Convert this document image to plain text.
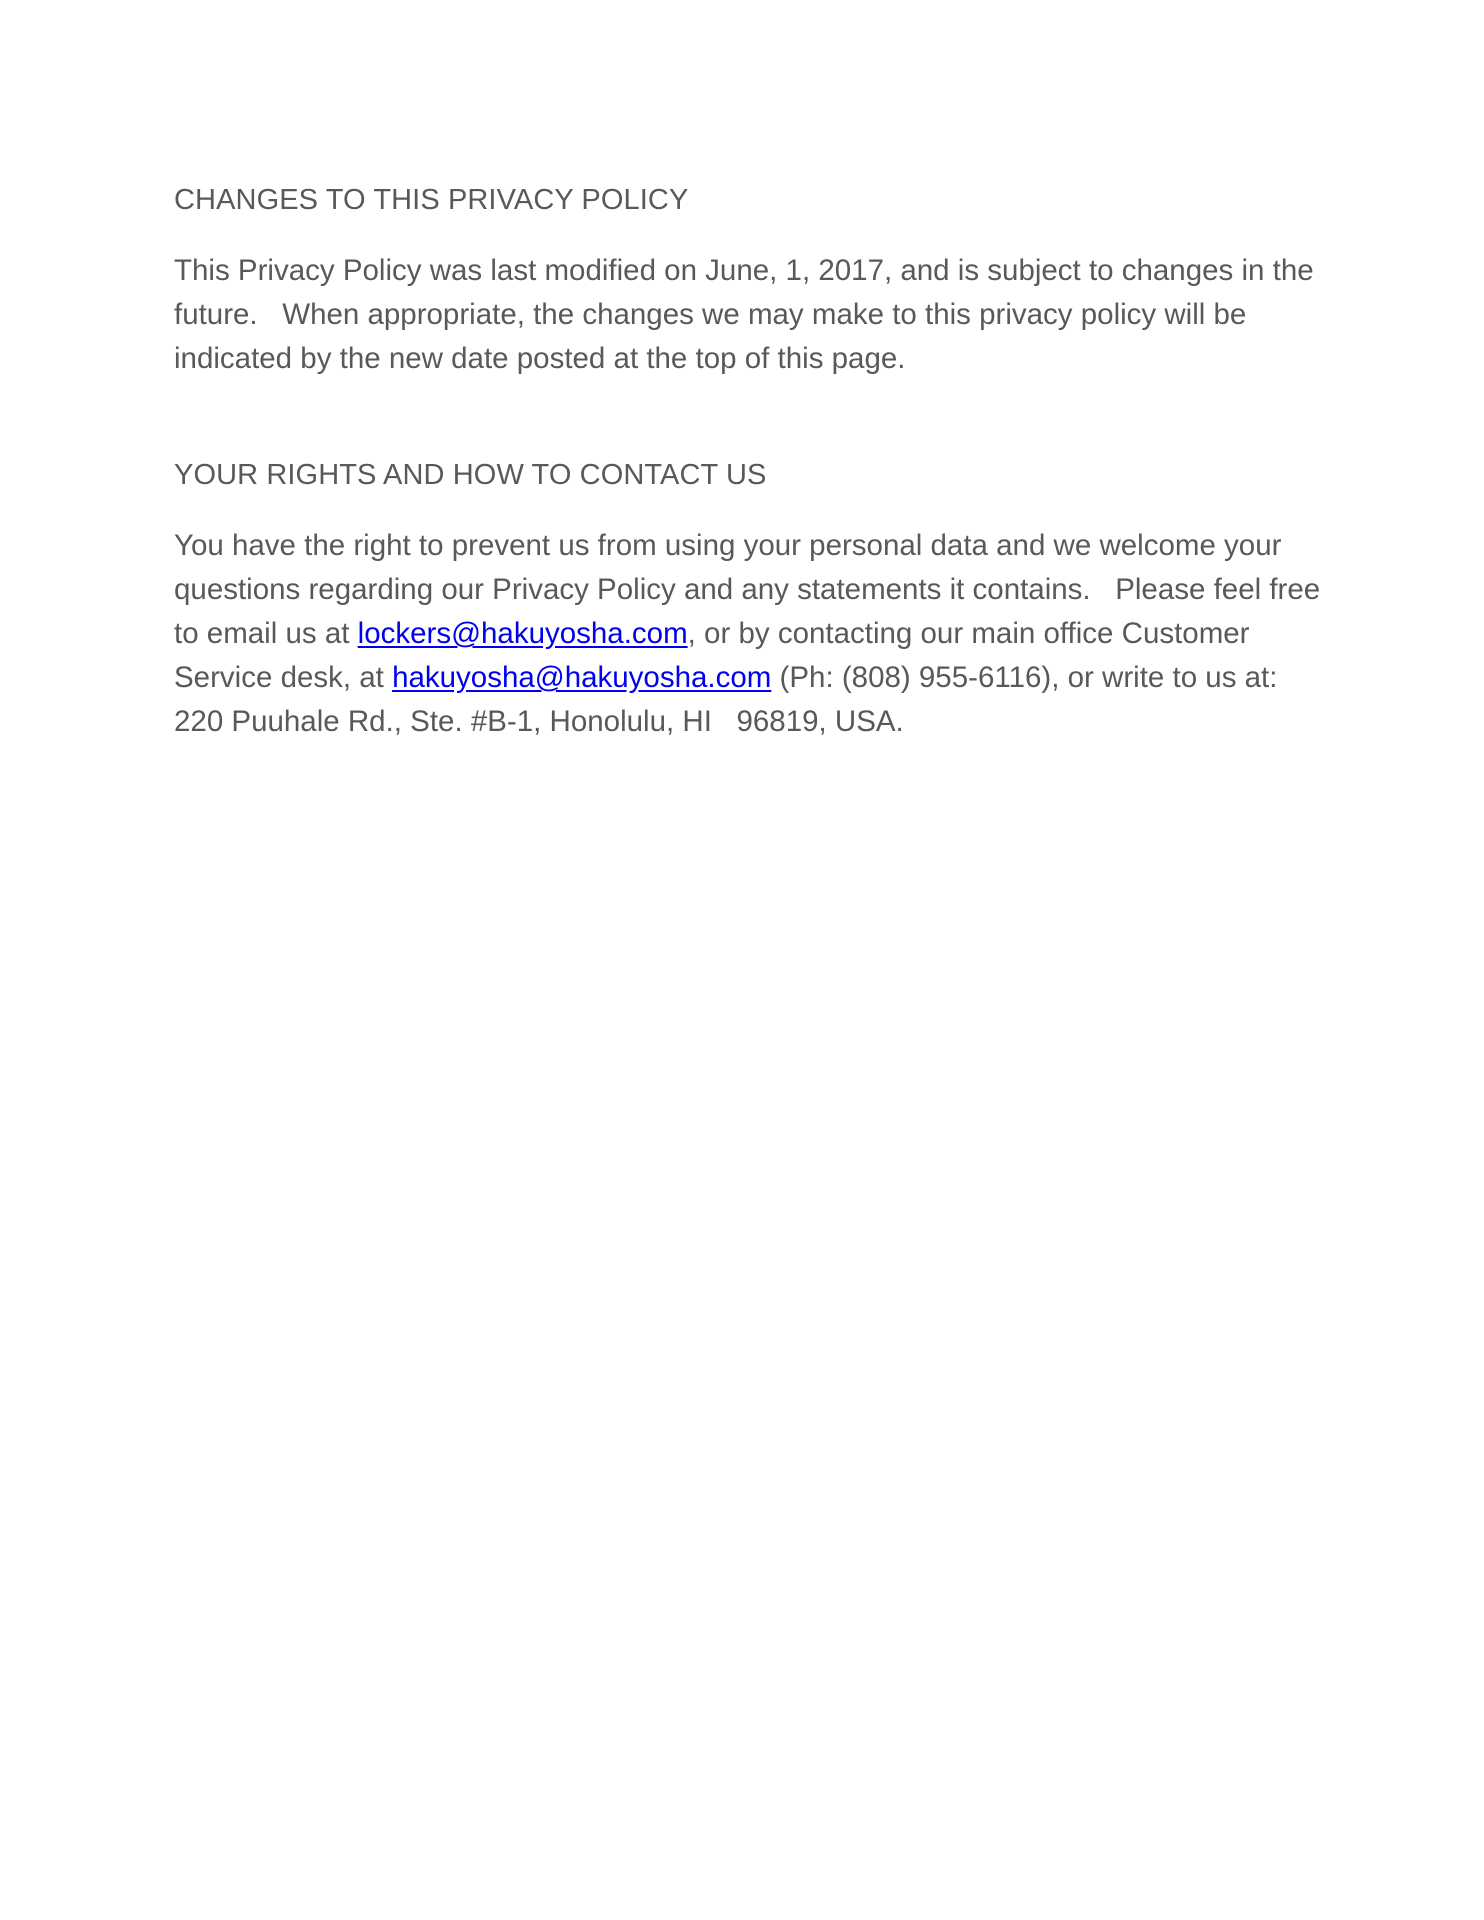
CHANGES TO THIS PRIVACY POLICY

This Privacy Policy was last modified on June, 1, 2017, and is subject to changes in the
future.   When appropriate, the changes we may make to this privacy policy will be
indicated by the new date posted at the top of this page.

YOUR RIGHTS AND HOW TO CONTACT US

You have the right to prevent us from using your personal data and we welcome your
questions regarding our Privacy Policy and any statements it contains.   Please feel free
to email us at lockers@hakuyosha.com, or by contacting our main office Customer
Service desk, at hakuyosha@hakuyosha.com (Ph: (808) 955-6116), or write to us at:
220 Puuhale Rd., Ste. #B-1, Honolulu, HI   96819, USA.
